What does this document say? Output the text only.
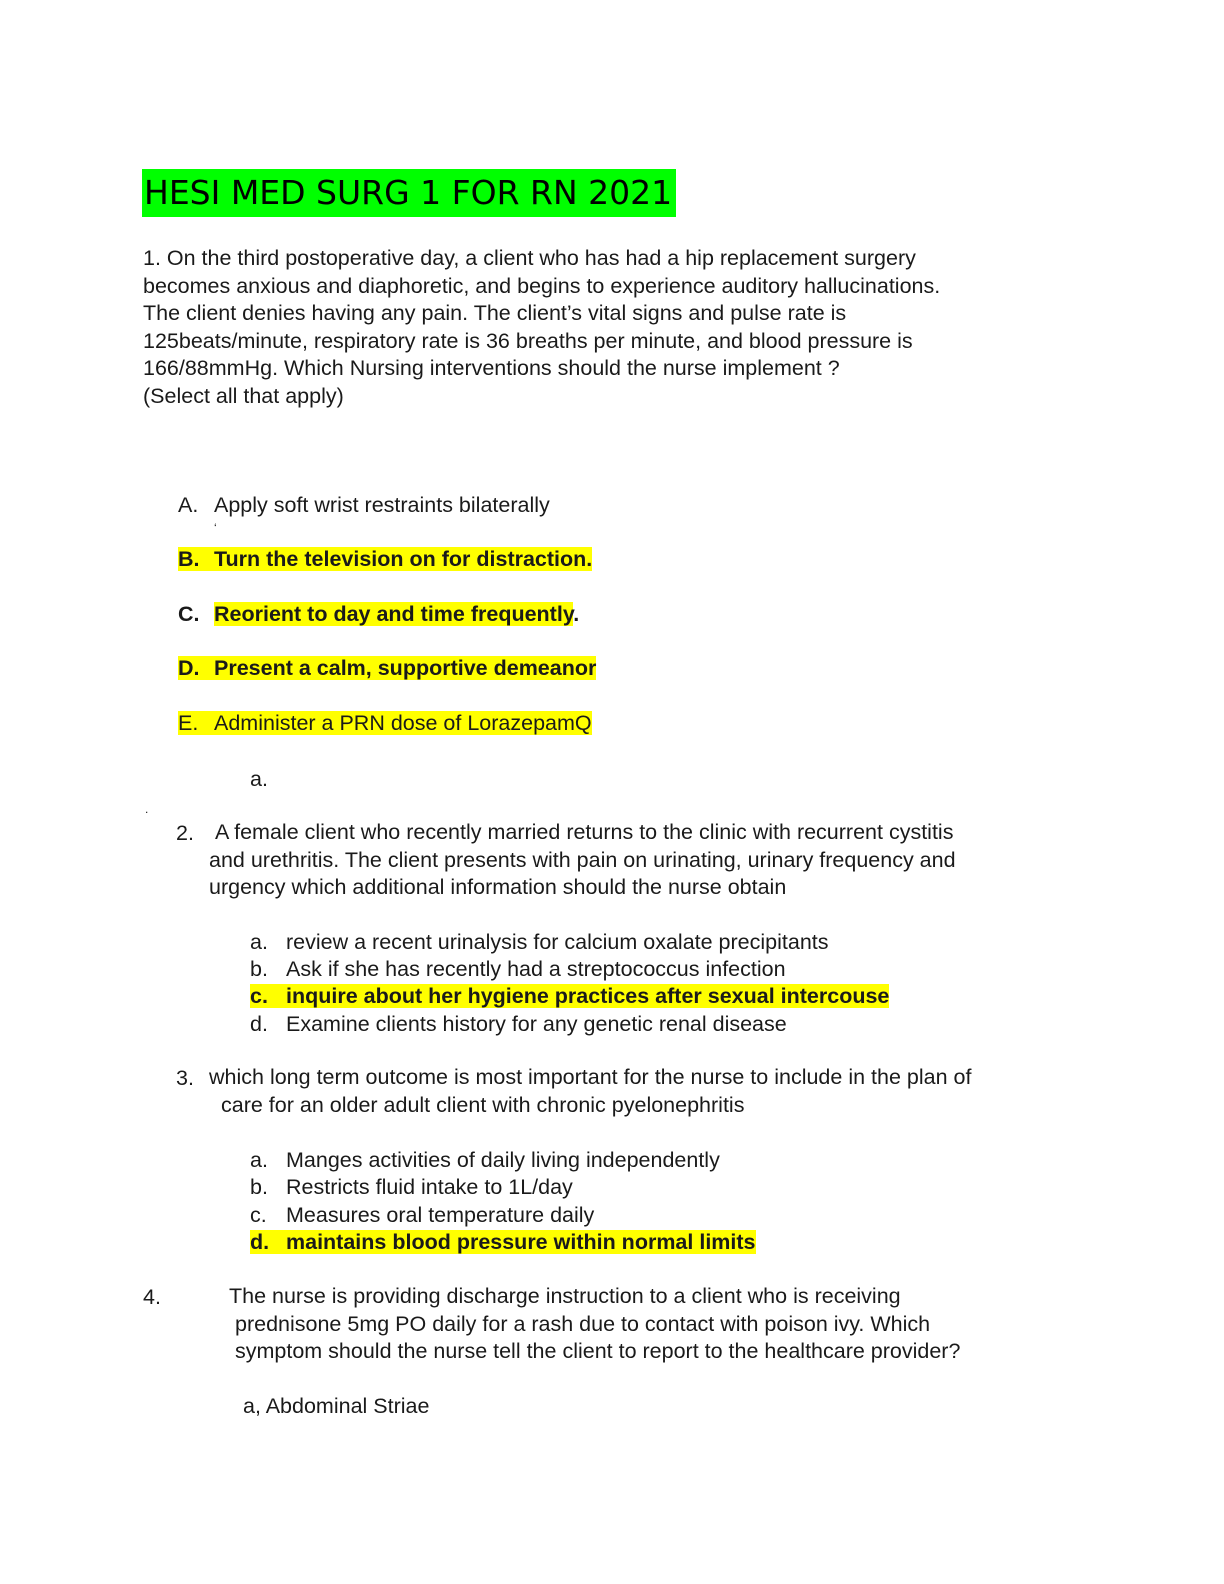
HESI MED SURG 1 FOR RN 2021
1. On the third postoperative day, a client who has had a hip replacement surgery
becomes anxious and diaphoretic, and begins to experience auditory hallucinations.
The client denies having any pain. The client’s vital signs and pulse rate is
125beats/minute, respiratory rate is 36 breaths per minute, and blood pressure is
166/88mmHg. Which Nursing interventions should the nurse implement ?
(Select all that apply)
A. Apply soft wrist restraints bilaterally
‘
B. Turn the television on for distraction.
C. Reorient to day and time frequently.
D. Present a calm, supportive demeanor
E. Administer a PRN dose of LorazepamQ
a.
.
2. A female client who recently married returns to the clinic with recurrent cystitis
and urethritis. The client presents with pain on urinating, urinary frequency and
urgency which additional information should the nurse obtain
a. review a recent urinalysis for calcium oxalate precipitants
b. Ask if she has recently had a streptococcus infection
c. inquire about her hygiene practices after sexual intercouse
d. Examine clients history for any genetic renal disease
3. which long term outcome is most important for the nurse to include in the plan of
care for an older adult client with chronic pyelonephritis
a. Manges activities of daily living independently
b. Restricts fluid intake to 1L/day
c. Measures oral temperature daily
d. maintains blood pressure within normal limits
4.	The nurse is providing discharge instruction to a client who is receiving
prednisone 5mg PO daily for a rash due to contact with poison ivy. Which
symptom should the nurse tell the client to report to the healthcare provider?
a, Abdominal Striae
